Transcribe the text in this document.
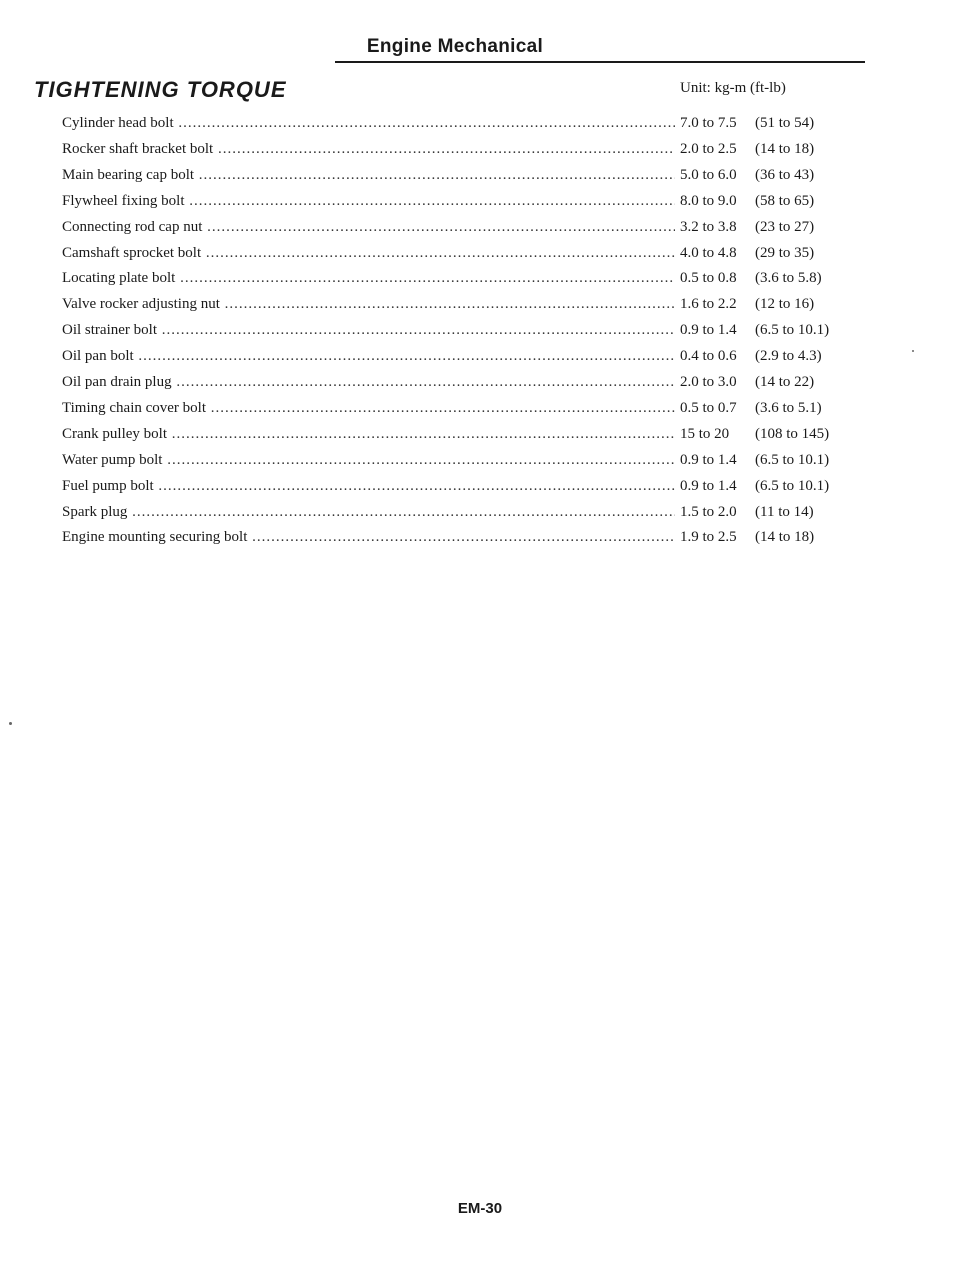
Engine Mechanical
TIGHTENING TORQUE	Unit: kg-m (ft-lb)
Cylinder head bolt .....	7.0 to 7.5	(51 to 54)
Rocker shaft bracket bolt .....	2.0 to 2.5	(14 to 18)
Main bearing cap bolt .....	5.0 to 6.0	(36 to 43)
Flywheel fixing bolt .....	8.0 to 9.0	(58 to 65)
Connecting rod cap nut .....	3.2 to 3.8	(23 to 27)
Camshaft sprocket bolt .....	4.0 to 4.8	(29 to 35)
Locating plate bolt .....	0.5 to 0.8	(3.6 to 5.8)
Valve rocker adjusting nut .....	1.6 to 2.2	(12 to 16)
Oil strainer bolt .....	0.9 to 1.4	(6.5 to 10.1)
Oil pan bolt .....	0.4 to 0.6	(2.9 to 4.3)
Oil pan drain plug .....	2.0 to 3.0	(14 to 22)
Timing chain cover bolt .....	0.5 to 0.7	(3.6 to 5.1)
Crank pulley bolt .....	15 to 20	(108 to 145)
Water pump bolt .....	0.9 to 1.4	(6.5 to 10.1)
Fuel pump bolt .....	0.9 to 1.4	(6.5 to 10.1)
Spark plug .....	1.5 to 2.0	(11 to 14)
Engine mounting securing bolt .....	1.9 to 2.5	(14 to 18)
EM-30
